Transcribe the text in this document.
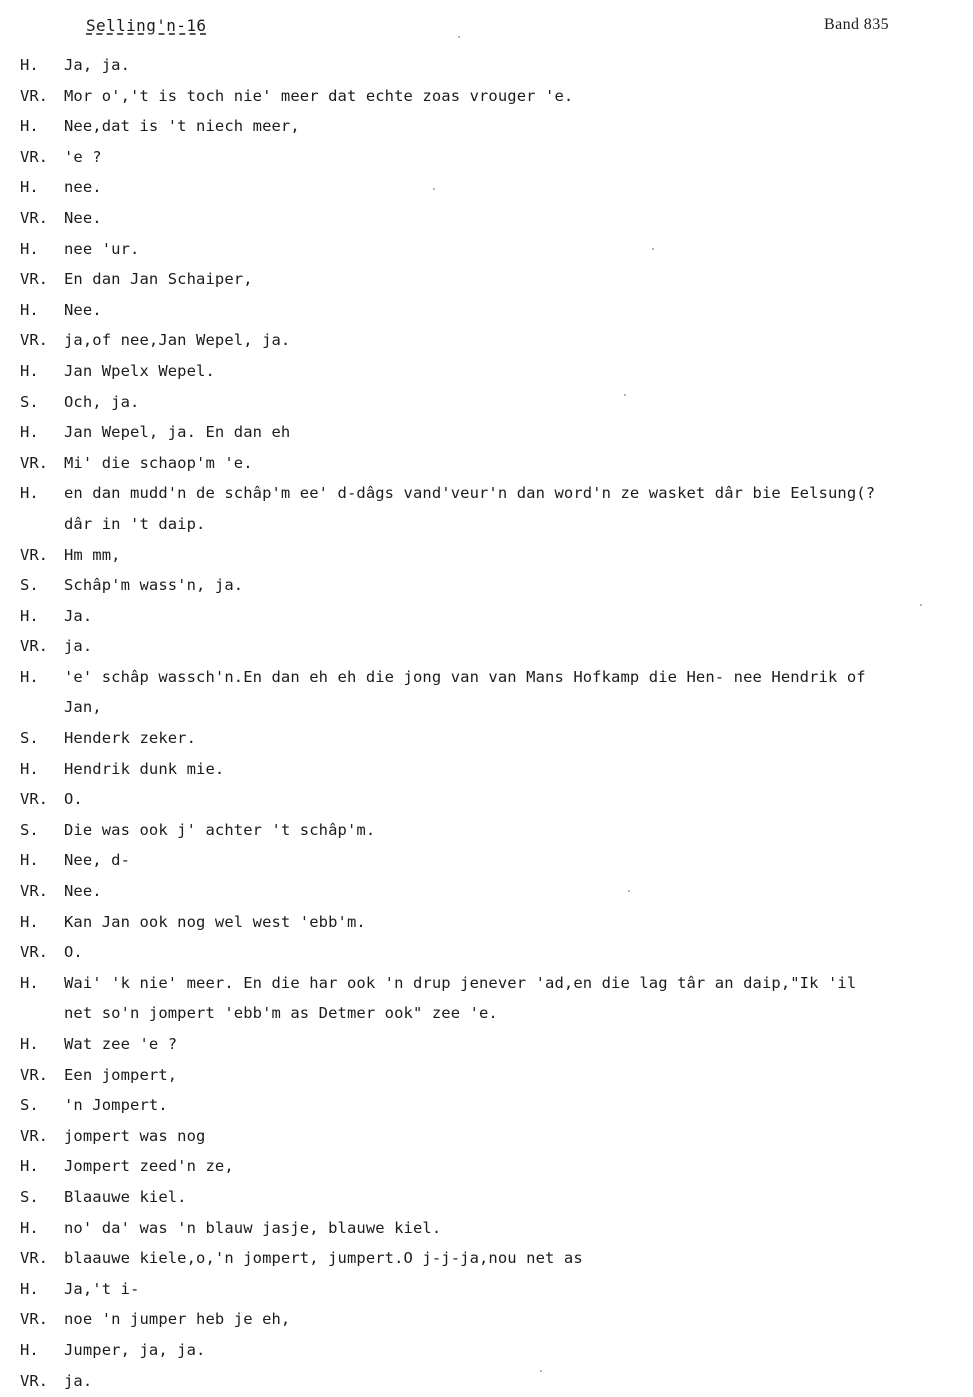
Selling'n-16	Band 835
H. Ja, ja.
VR. Mor o','t is toch nie' meer dat echte zoas vrouger 'e.
H. Nee,dat is 't niech meer,
VR. 'e ?
H. nee.
VR. Nee.
H. nee 'ur.
VR. En dan Jan Schaiper,
H. Nee.
VR. ja,of nee,Jan Wepel, ja.
H. Jan Wpelx Wepel.
S. Och, ja.
H. Jan Wepel, ja. En dan eh
VR. Mi' die schaop'm 'e.
H. en dan mudd'n de schâp'm ee' d-dâgs vand'veur'n dan word'n ze wasket dâr bie Eelsung(?
dâr in 't daip.
VR. Hm mm,
S. Schâp'm wass'n, ja.
H. Ja.
VR. ja.
H. 'e' schâp wassch'n.En dan eh eh die jong van van Mans Hofkamp die Hen- nee Hendrik of
Jan,
S. Henderk zeker.
H. Hendrik dunk mie.
VR. O.
S. Die was ook j' achter 't schâp'm.
H. Nee, d-
VR. Nee.
H. Kan Jan ook nog wel west 'ebb'm.
VR. O.
H. Wai' 'k nie' meer. En die har ook 'n drup jenever 'ad,en die lag târ an daip,"Ik 'il
net so'n jompert 'ebb'm as Detmer ook" zee 'e.
H. Wat zee 'e ?
VR. Een jompert,
S. 'n Jompert.
VR. jompert was nog
H. Jompert zeed'n ze,
S. Blaauwe kiel.
H. no' da' was 'n blauw jasje, blauwe kiel.
VR. blaauwe kiele,o,'n jompert, jumpert.O j-j-ja,nou net as
H. Ja,'t i-
VR. noe 'n jumper heb je eh,
H. Jumper, ja, ja.
VR. ja.
